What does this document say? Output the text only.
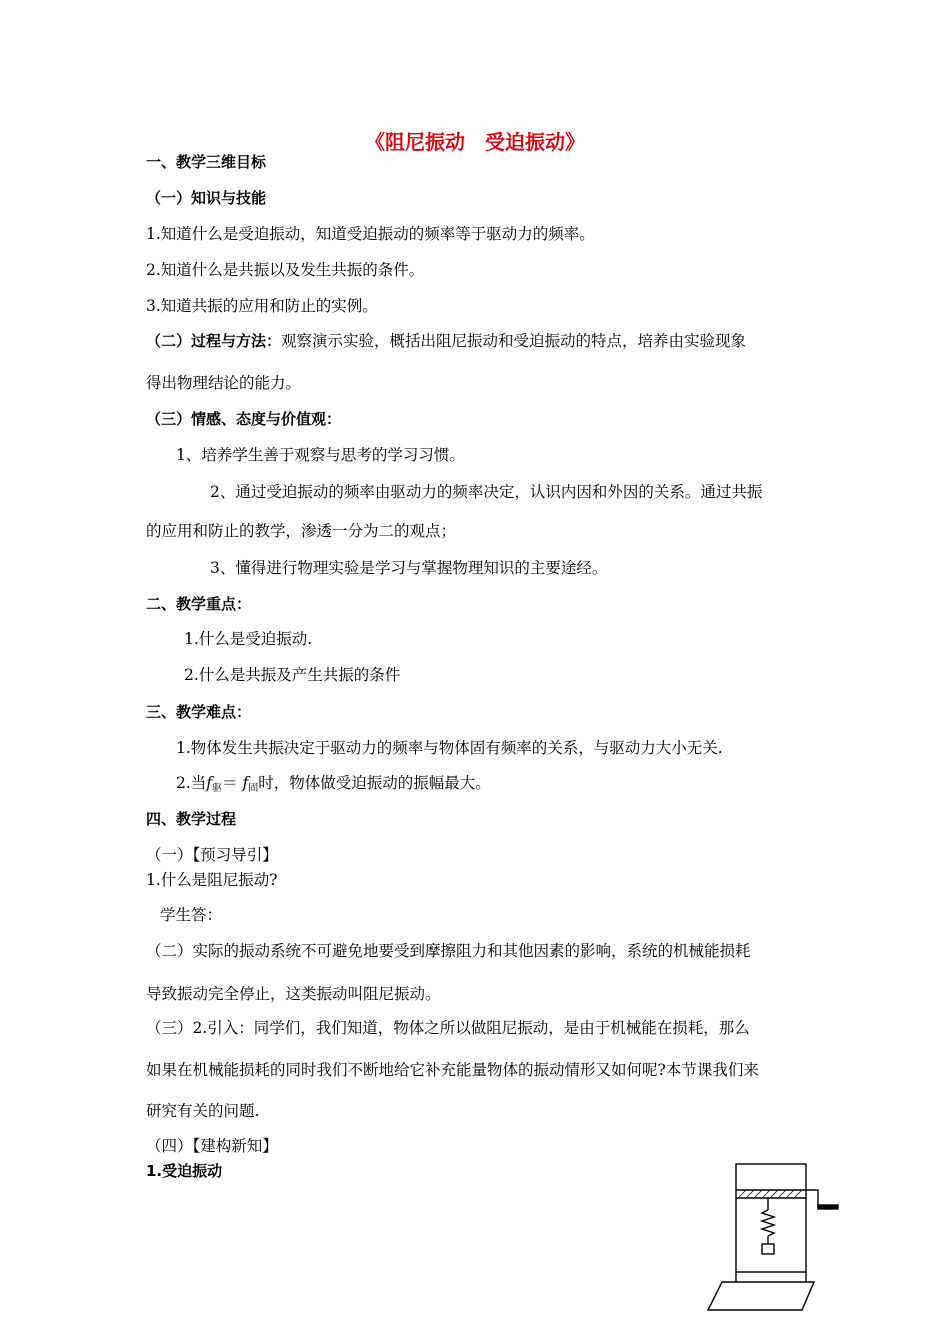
《阻尼振动　受迫振动》
一、教学三维目标
（一）知识与技能
1.知道什么是受迫振动，知道受迫振动的频率等于驱动力的频率。
2.知道什么是共振以及发生共振的条件。
3.知道共振的应用和防止的实例。
（二）过程与方法：观察演示实验，概括出阻尼振动和受迫振动的特点，培养由实验现象
得出物理结论的能力。
（三）情感、态度与价值观：
1、培养学生善于观察与思考的学习习惯。
2、通过受迫振动的频率由驱动力的频率决定，认识内因和外因的关系。通过共振
的应用和防止的教学，渗透一分为二的观点；
3、懂得进行物理实验是学习与掌握物理知识的主要途经。
二、教学重点：
1.什么是受迫振动.
2.什么是共振及产生共振的条件
三、教学难点：
1.物体发生共振决定于驱动力的频率与物体固有频率的关系，与驱动力大小无关.
2.当f驱＝ f固时，物体做受迫振动的振幅最大。
四、教学过程
（一）【预习导引】
1.什么是阻尼振动?
学生答：
（二）实际的振动系统不可避免地要受到摩擦阻力和其他因素的影响，系统的机械能损耗
导致振动完全停止，这类振动叫阻尼振动。
（三）2.引入：同学们，我们知道，物体之所以做阻尼振动，是由于机械能在损耗，那么
如果在机械能损耗的同时我们不断地给它补充能量物体的振动情形又如何呢?本节课我们来
研究有关的问题.
（四）【建构新知】
1.受迫振动
